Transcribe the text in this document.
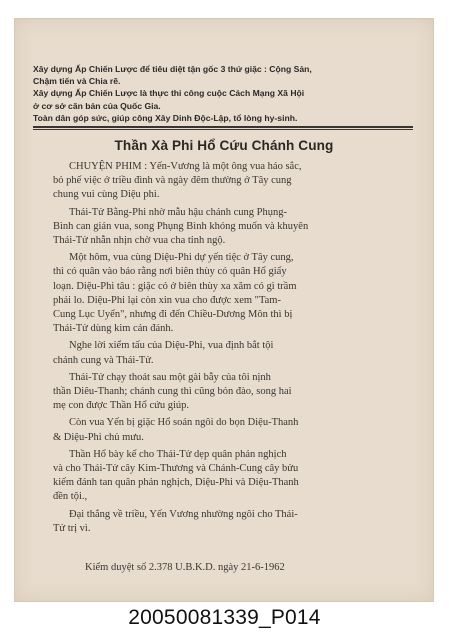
Xây dựng Ấp Chiến Lược để tiêu diệt tận gốc 3 thứ giặc : Cộng Sản,
Chậm tiến và Chia rẽ.
Xây dựng Ấp Chiến Lược là thực thi công cuộc Cách Mạng Xã Hội
ở cơ sở căn bản của Quốc Gia.
Toàn dân góp sức, giúp công Xây Dinh Độc-Lập, tổ lòng hy-sinh.
Thần Xà Phi Hổ Cứu Chánh Cung

CHUYỆN PHIM : Yến-Vương là một ông vua háo sắc,
bỏ phế việc ở triều đình và ngày đêm thường ở Tây cung
chung vui cùng Diệu phi.

Thái-Tử Bằng-Phi nhờ mẫu hậu chánh cung Phụng-
Bình can gián vua, song Phụng Bình khóng muốn và khuyên
Thái-Tử nhẫn nhịn chờ vua cha tỉnh ngộ.

Một hôm, vua cùng Diệu-Phi dự yến tiệc ở Tây cung,
thì có quân vào báo rằng nơi biên thùy có quân Hổ giấy
loạn. Diệu-Phi tâu : giặc cỏ ở biên thùy xa xăm có gì trầm
phải lo. Diệu-Phi lại còn xin vua cho được xem "Tam-
Cung Lục Uyển", nhưng đi đến Chiều-Dương Môn thì bị
Thái-Tử dùng kim cản đánh.

Nghe lời xiểm tấu của Diệu-Phi, vua định bắt tội
chánh cung và Thái-Tử.

Thái-Tử chạy thoát sau một gài bẫy của tôi nịnh
thần Diêu-Thanh; chánh cung thì cũng bỏn đào, song hai
mẹ con được Thần Hổ cứu giúp.

Còn vua Yến bị giặc Hổ soán ngôi do bọn Diệu-Thanh
& Diệu-Phi chủ mưu.

Thần Hổ bày kế cho Thái-Tử dẹp quân phản nghịch
và cho Thái-Tử cây Kim-Thương và Chánh-Cung cây bửu
kiếm đánh tan quân phản nghịch, Diệu-Phi và Diệu-Thanh
đền tội.,

Đại thắng về triều, Yến Vương nhường ngôi cho Thái-
Tử trị vì.

Kiểm duyệt số 2.378 U.B.K.D. ngày 21-6-1962
20050081339_P014
